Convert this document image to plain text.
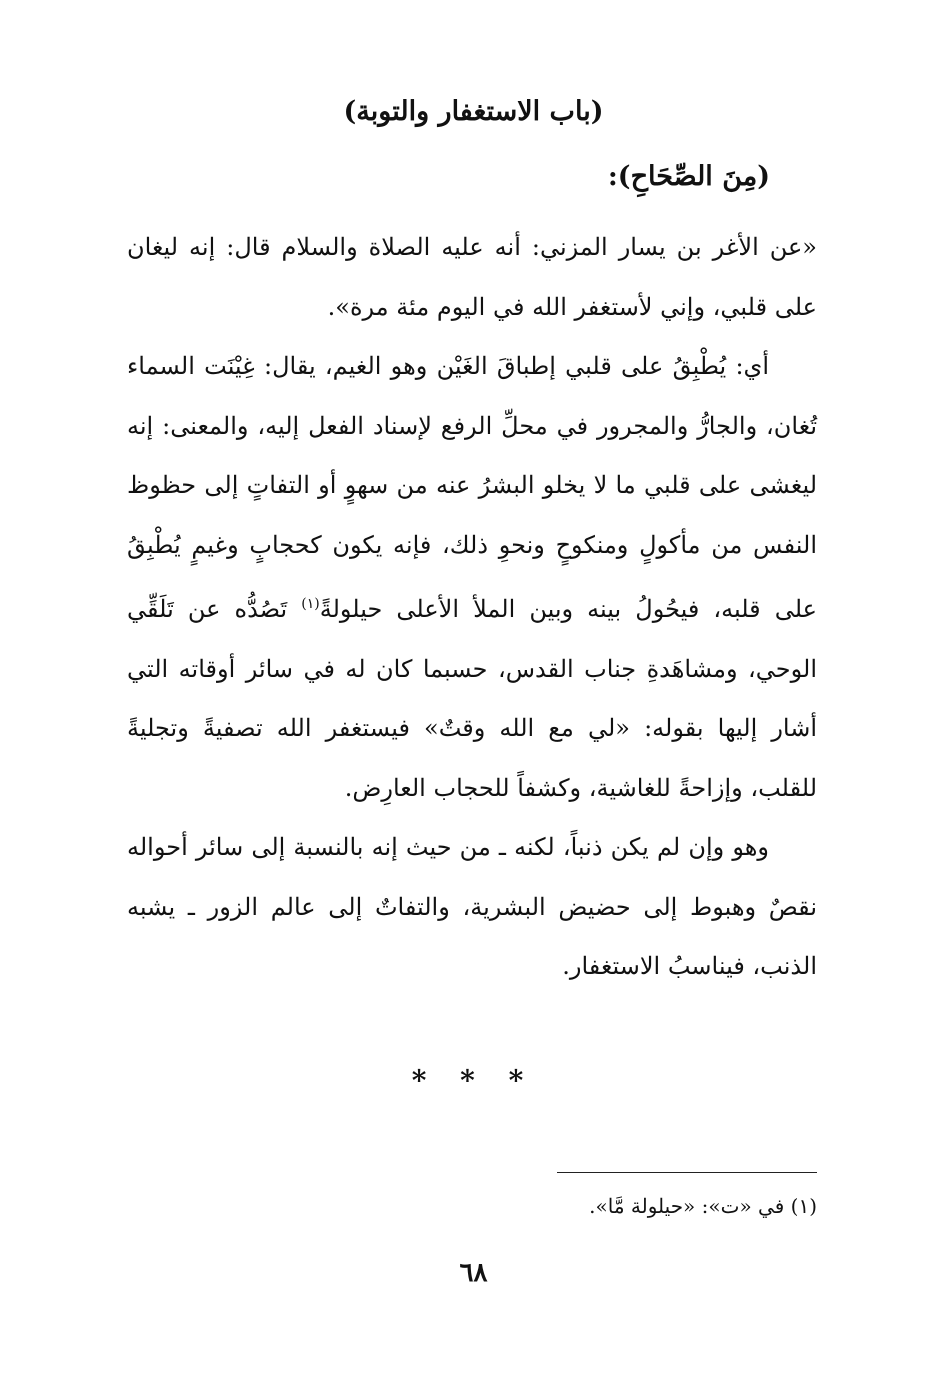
(باب الاستغفار والتوبة)
(مِنَ الصِّحَاحِ):

«عن الأغر بن يسار المزني: أنه عليه الصلاة والسلام قال: إنه ليغان على قلبي، وإني لأستغفر الله في اليوم مئة مرة».

أي: يُطْبِقُ على قلبي إطباقَ الغَيْن وهو الغيم، يقال: غِيْنَت السماء تُغان، والجارُّ والمجرور في محلِّ الرفع لإسناد الفعل إليه، والمعنى: إنه ليغشى على قلبي ما لا يخلو البشرُ عنه من سهوٍ أو التفاتٍ إلى حظوظ النفس من مأكولٍ ومنكوحٍ ونحوِ ذلك، فإنه يكون كحجابٍ وغيمٍ يُطْبِقُ على قلبه، فيحُولُ بينه وبين الملأ الأعلى حيلولةً$^{(١)}$ تَصُدُّه عن تَلَقِّي الوحي، ومشاهَدةِ جناب القدس، حسبما كان له في سائر أوقاته التي أشار إليها بقوله: «لي مع الله وقتٌ» فيستغفر الله تصفيةً وتجليةً للقلب، وإزاحةً للغاشية، وكشفاً للحجاب العارِض.

وهو وإن لم يكن ذنباً، لكنه ـ من حيث إنه بالنسبة إلى سائر أحواله نقصٌ وهبوط إلى حضيض البشرية، والتفاتٌ إلى عالم الزور ـ يشبه الذنب، فيناسبُ الاستغفار.

* * *
(١) في «ت»: «حيلولة مَّا».
٦٨
